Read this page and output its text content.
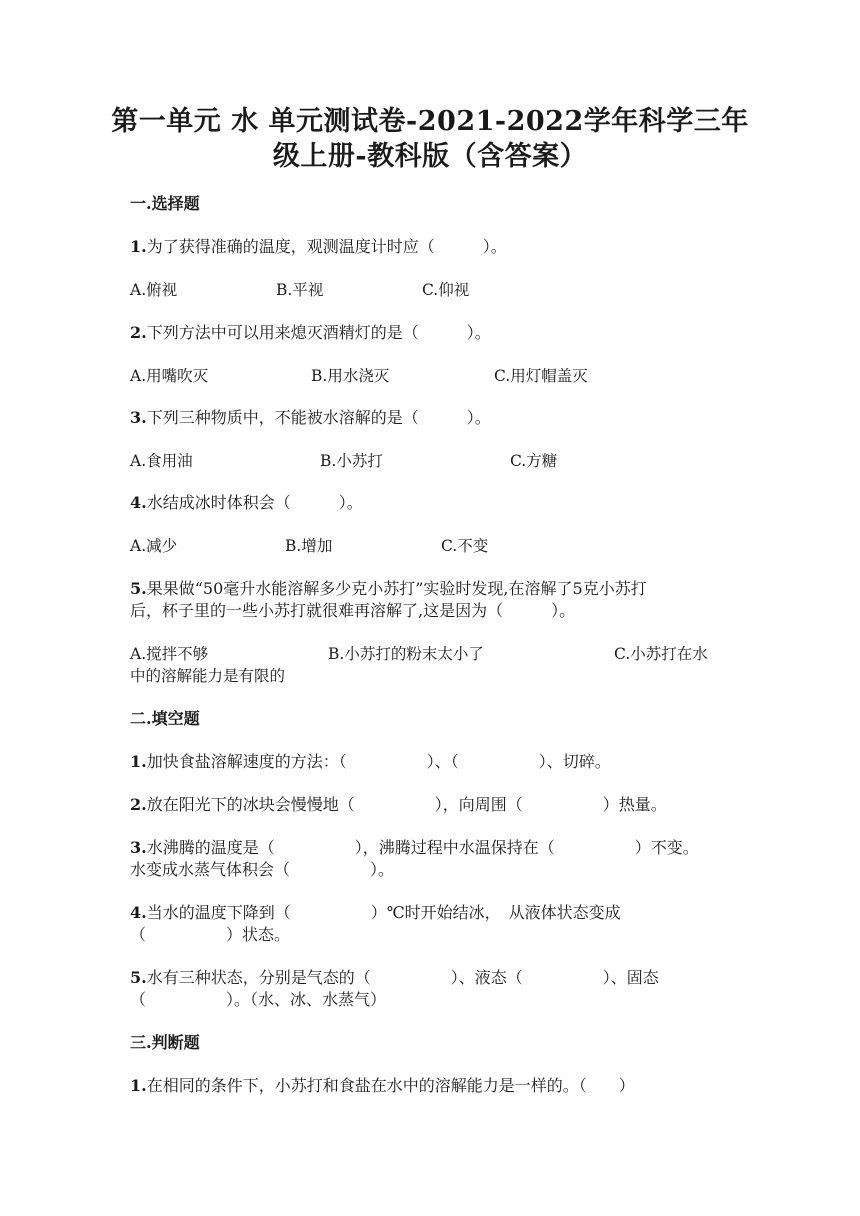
第一单元 水 单元测试卷-2021-2022学年科学三年
级上册-教科版（含答案）
一.选择题
1.为了获得准确的温度，观测温度计时应（　　　）。
A.俯视	B.平视	C.仰视
2.下列方法中可以用来熄灭酒精灯的是（　　　）。
A.用嘴吹灭	B.用水浇灭	C.用灯帽盖灭
3.下列三种物质中，不能被水溶解的是（　　　）。
A.食用油	B.小苏打	C.方糖
4.水结成冰时体积会（　　　）。
A.减少	B.增加	C.不变
5.果果做“50毫升水能溶解多少克小苏打”实验时发现,在溶解了5克小苏打
后，杯子里的一些小苏打就很难再溶解了,这是因为（　　　）。
A.搅拌不够	B.小苏打的粉末太小了	C.小苏打在水
中的溶解能力是有限的
二.填空题
1.加快食盐溶解速度的方法：（　　　　　）、（　　　　　）、切碎。
2.放在阳光下的冰块会慢慢地（　　　　　），向周围（　　　　　）热量。
3.水沸腾的温度是（　　　　　），沸腾过程中水温保持在（　　　　　）不变。
水变成水蒸气体积会（　　　　　）。
4.当水的温度下降到（　　　　　）℃时开始结冰，　从液体状态变成
（　　　　　）状态。
5.水有三种状态，分别是气态的（　　　　　）、液态（　　　　　）、固态
（　　　　　）。（水、冰、水蒸气）
三.判断题
1.在相同的条件下，小苏打和食盐在水中的溶解能力是一样的。（　　）
